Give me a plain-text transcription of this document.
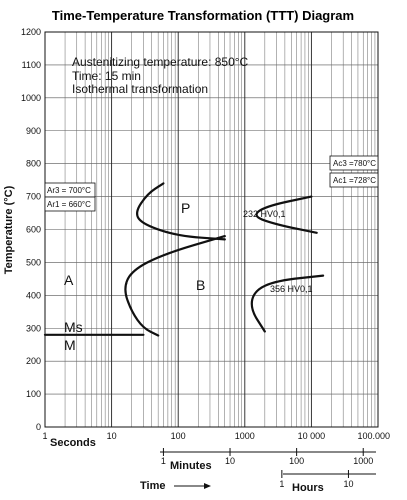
Time-Temperature Transformation (TTT) Diagram
0
100
200
300
400
500
600
700
800
900
1000
1100
1200
1	10	100	1000	10 000	100.000
Temperature (°C)
Austenitizing temperature: 850°C
Time: 15 min
Isothermal transformation
Ac3 =780°C
Ac1 =728°C
Ar3 = 700°C
Ar1 = 660°C	P
A	B
Ms
M
232 HV0,1
356 HV0,1
Seconds
1	10	100	1000
Minutes
1	10
Hours
Time
